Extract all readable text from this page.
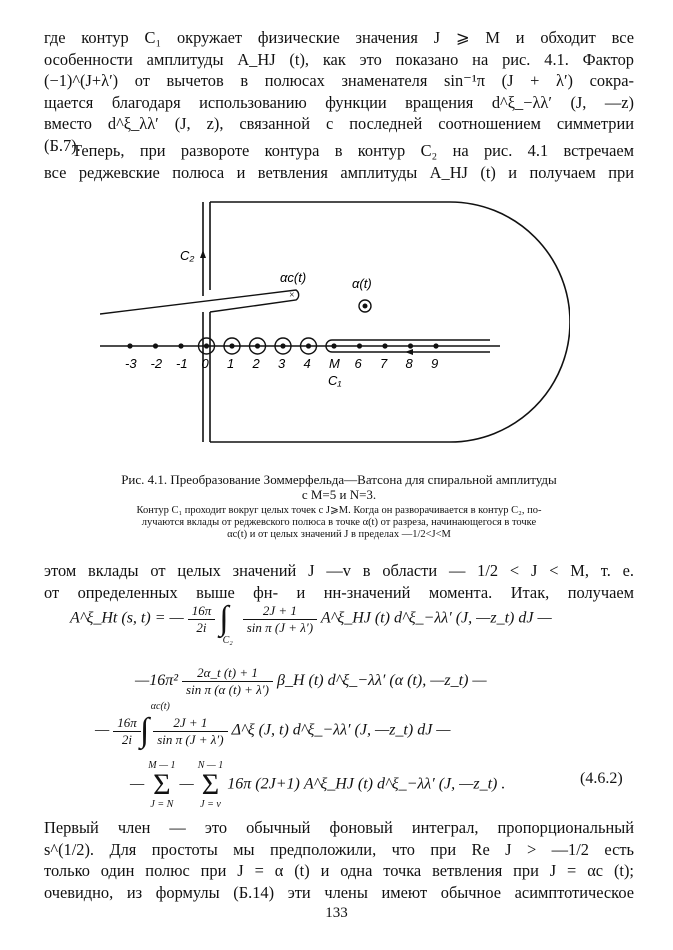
где контур C₁ окружает физические значения J ⩾ M и обходит все
особенности амплитуды A_HJ (t), как это показано на рис. 4.1. Фактор
(−1)^(J+λ′) от вычетов в полюсах знаменателя sin⁻¹π (J + λ′) сокра-
щается благодаря использованию функции вращения d^ξ_−λλ′ (J, —z)
вместо d^ξ_λλ′ (J, z), связанной с последней соотношением симметрии
(Б.7).
Теперь, при развороте контура в контур C₂ на рис. 4.1 встречаем
все реджевские полюса и ветвления амплитуды A_HJ (t) и получаем при
C₂
×
αc(t)	α(t)
-3 -2 -1 0 1 2 3 4 M 6 7 8 9
C₁
Рис. 4.1. Преобразование Зоммерфельда—Ватсона для спиральной амплитуды
с M=5 и N=3.
Контур C₁ проходит вокруг целых точек с J⩾M. Когда он разворачивается в контур C₂, по-
лучаются вклады от реджевского полюса в точке α(t) от разреза, начинающегося в точке
αc(t) и от целых значений J в пределах —1/2<J<M
этом вклады от целых значений J —v в области — 1/2 < J < M, т. е.
от определенных выше фн- и нн-значений момента. Итак, получаем
A^ξ_Ht (s, t) = — $\frac{16\pi}{2i} \int_{C_2}$
$\frac{2J + 1}{\text{sin π (J + λ′)}}$ A^ξ_HJ (t) d^ξ_−λλ′ (J, —z_t) dJ —
—16π² $\frac{2\alpha\_t (t) + 1}{\text{sin π (α (t) + λ′)}}$ β_H (t) d^ξ_−λλ′ (α (t), —z_t) —
— $\frac{16\pi}{2i}$
$^{\alpha c(t)}\int \frac{2J + 1}{\text{sin π (J + λ′)}}$ Δ^ξ (J, t) d^ξ_−λλ′ (J, —z_t) dJ —
—
M — 1
Σ
J = N
—
N — 1
Σ
J = v
16π (2J+1) A^ξ_HJ (t) d^ξ_−λλ′ (J, —z_t) .	(4.6.2)
Первый член — это обычный фоновый интеграл, пропорциональный
s^(1/2). Для простоты мы предположили, что при Re J > —1/2 есть
только один полюс при J = α (t) и одна точка ветвления при J = αc (t);
очевидно, из формулы (Б.14) эти члены имеют обычное асимптотическое
133
